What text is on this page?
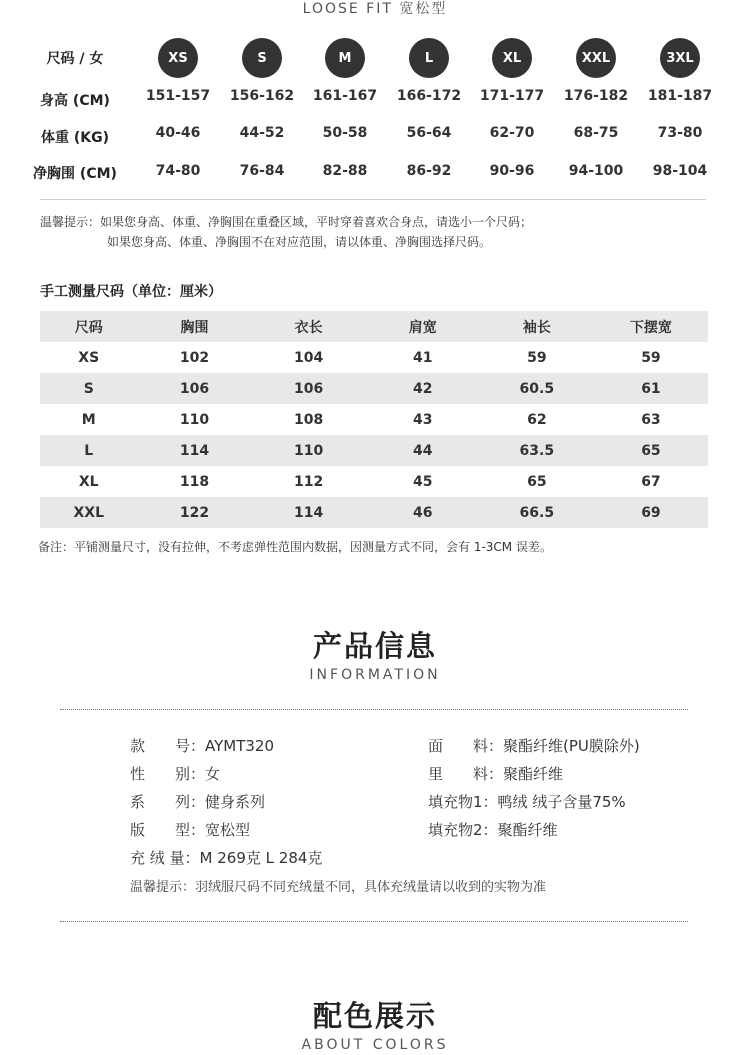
LOOSE FIT 宽松型
尺码 / 女	XS	S	M	L	XL	XXL	3XL
身高 (CM)	151-157	156-162	161-167	166-172	171-177	176-182	181-187
体重 (KG)	40-46	44-52	50-58	56-64	62-70	68-75	73-80
净胸围 (CM)	74-80	76-84	82-88	86-92	90-96	94-100	98-104
温馨提示：如果您身高、体重、净胸围在重叠区域，平时穿着喜欢合身点，请选小一个尺码；
如果您身高、体重、净胸围不在对应范围，请以体重、净胸围选择尺码。
手工测量尺码（单位：厘米）
尺码	胸围	衣长	肩宽	袖长	下摆宽
XS	102	104	41	59	59
S	106	106	42	60.5	61
M	110	108	43	62	63
L	114	110	44	63.5	65
XL	118	112	45	65	67
XXL	122	114	46	66.5	69
备注：平铺测量尺寸，没有拉伸，不考虑弹性范围内数据，因测量方式不同，会有 1-3CM 误差。
产品信息
INFORMATION
款　　号：AYMT320
性　　别：女
系　　列：健身系列
版　　型：宽松型
充 绒 量：M 269克 L 284克
面　　料：聚酯纤维(PU膜除外)
里　　料：聚酯纤维
填充物1：鸭绒 绒子含量75%
填充物2：聚酯纤维
温馨提示：羽绒服尺码不同充绒量不同，具体充绒量请以收到的实物为准
配色展示
ABOUT COLORS
